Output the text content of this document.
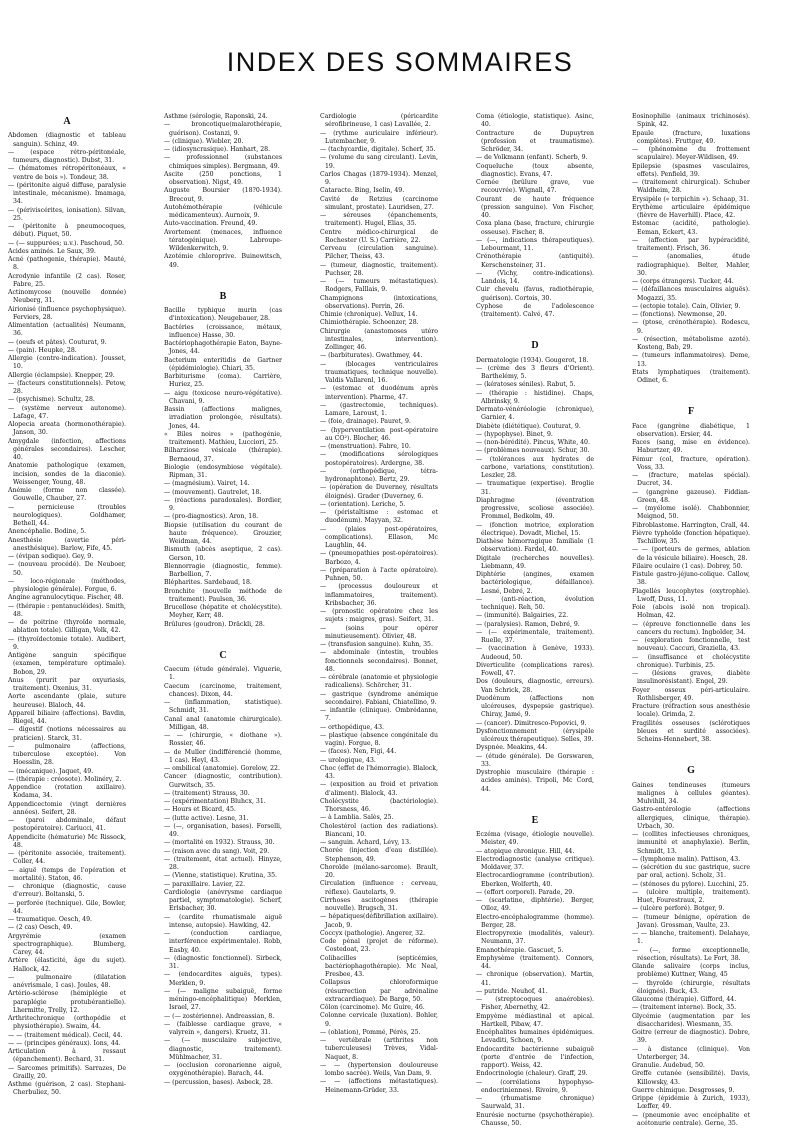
INDEX DES SOMMAIRES
A

Abdomen (diagnostic et tableau sanguin). Schinz, 49.

— (espace rétro-péritonéale, tumeurs, diagnostic). Dubst, 31.

— (hématomes rétropéritonéaux, « ventre de bois »). Tondeur, 38.

— (péritonite aiguë diffuse, paralysie intestinale, mécanisme). Imamaga, 34.

— (périviscérites, ionisation). Silvan, 25.

— (péritonite à pneumocoques, début). Piquet, 50.

— (— suppurées; u.v.). Paschoud, 50.

Acides aminés. Le Saux, 39.

Acné (pathogenie, thérapie). Mauté, 8.

Acrodynie infantile (2 cas). Roser, Fabre, 25.

Actinomycose (nouvelle donnée) Neuberg, 31.

Airionisé (influence psychophysique). Ferviers, 28.

Alimentation (actualités) Neumann, 36.

— (oeufs et pâtes). Couturat, 9.

— (pain). Heupke, 28.

Allergie (contre-indication). Jousset, 10.

Allergie (éclampsie). Knepper, 29.

— (facteurs constitutionnels). Petow, 28.

— (psychisme). Schultz, 28.

— (système nerveux autonome). Lafage, 47.

Alopecia areata (hormonothérapie). Janson, 30.

Amygdale (infection, affections générales secondaires). Lescher, 40.

Anatomie pathologique (examen, incision, sondes de la diaconie). Weissenger, Young, 48.

Anémie (forme non classée). Gouwelle, Chauber, 27.

— pernicieuse (troubles neurologiques). Goldhamer, Bethell, 44.

Anencéphalie. Bodine, 5.

Anesthésie (avertie péri-anesthésique). Barlow, Fife, 45.

— (évipan sodique). Gey, 9.

— (nouveau procédé). De Neuboer, 50.

— loco-régionale (méthodes, physiologie générale). Forgue, 6.

Angine agranulocytique. Fischer, 48.

— (thérapie : pentanucléides). Smith, 48.

— de poitrine (thyroïde normale, ablation totale). Gilligan, Volk, 42.

— (thyroïdectomie totale). Audibert, 9.

Antigène sanguin spécifique (examen, température optimale). Bobon, 29.

Anus (prurit par oxyuriasis, traitement). Oxenius, 31.

Aorte ascendante (plaie, suture heureuse). Blaloch, 44.

Appareil biliaire (affections). Bavdin, Riegel, 44.

— digestif (notions nécessaires au praticien). Starck, 31.

— pulmonaire (affections, tuberculose exceptée). Von Hoesslin, 28.

— (mécanique). Jaquet, 49.

— (thérapie : créosote). Molinéry, 2.

Appendice (rotation axillaire). Kodama, 34.

Appendicectomie (vingt dernières années). Seifert, 28.

— (paroi abdominale, défaut postopératoire). Carlucci, 41.

Appendicite (hématurie) Mc Rissock, 48.

— (péritonite associée, traitement). Coller, 44.

— aiguë (temps de l'opération et mortalité). Staton, 46.

— chronique (diagnostic, cause d'erreur). Boltanski, 5.

— perforée (technique). Gile, Bowler, 44.

— traumatique. Oesch, 49.

— (2 cas) Oesch, 49.

Argyrémie (examen spectrographique). Blumberg, Carey, 44.

Artère (élasticité, âge du sujet). Hallock, 42.

— pulmonaire (dilatation anévrismale, 1 cas). Joules, 48.

Artério-sclérose (hémiplégie et paraplégie protubérantielle). Lhermitte, Trelly, 12.

Arthritechronique (orthopédie et physiothérapie). Swaim, 44.

— — (traitement médical). Cecil, 44.

— — (principes généraux). Ions, 44.

Articulation à ressaut (épanchement). Bechard, 31.

— Sarcomes primitifs). Sarrazes, De Grailly, 20.

Asthme (guérison, 2 cas). Stephani-Cherbuliez, 50.

Asthme (sérologie, Raponski, 24.

— broncotique(malarothérapie, guérison). Costanzi, 9.

— (clinique). Wiebler, 20.

— (idiosyncrasique). Hanhart, 28.

— professionnel (substances chimiques simples). Bergmann, 49.

Ascite (250 ponctions, 1 observation). Nigst, 49.

Auguste Boursier (18?0-1934). Brecout, 9.

Autohémothérapie (véhicule médicamenteux). Aurnoix, 9.

Auto-vaccination. Freund, 49.

Avortement (menaces, influence tératogénique). Labroupe-Wildenkerwitch, 9.

Azotémie chloroprive. Buinewitsch, 49.

B

Bacille typhique murin (cas d'intoxication). Neugebauer, 28.

Bactéries (croissance, métaux, influence) Hasse, 30.

Bactériophagothérapie Eaton, Bayne-Jones, 44.

Bacterium enteritidis de Gartner (épidémiologie). Chiari, 35.

Barbiturisme (coma). Carrière, Huriez, 25.

— aigu (toxicose neuro-végétative). Chavani, 9.

Bassin (affections malignes, irradiation prolongée, résultats). Jones, 44.

« Biles noires » (pathogénie, traitement). Mathieu, Lucciori, 25.

Bilharziose vésicale (thérapie). Bernaoud, 37.

Biologie (endosymbiose végétale). Ripman, 31.

— (magnésium). Vairet, 14.

— (mouvement). Gautrelet, 18.

— (réactions paradoxales). Bordier, 9.

— (pro-diagnostics). Aron, 18.

Biopsie (utilisation du courant de haute fréquence). Grouzier, Weidman, 44.

Bismuth (abcès aseptique, 2 cas). Gerson, 10.

Blennorragie (diagnostic, femme). Barbellion, 7.

Blépharites. Sardebaud, 18.

Bronchite (nouvelle méthode de traitement). Paulsen, 36.

Brucellose (hépatite et cholécystite). Meyher, Kerr, 48.

Brûlures (goudron). Dräckli, 28.

C

Caecum (étude générale). Viguerie, 1.

Caecum (carcinome, traitement, chances). Dixon, 44.

— (inflammation, statistique). Schmidt, 31.

Canal anal (anatomie chirurgicale). Milligan, 48.

— — (chirurgie, « diothane »). Rossier, 46.

— de Muller (indifférencié (homme, 1 cas). Heyl, 43.

— ombilical (anatomie). Gorelow, 22.

Cancer (diagnostic, contribution). Gurwitsch, 35.

— (traitement) Strauss, 30.

— (expérimentation) Bluhcx, 31.

— Hours et Bicard, 45.

— (lutte active). Lesne, 31.

— (—, organisation, bases). Forselli, 49.

— (mortalité en 1932). Strauss, 30.

— (raison avec du sang). Voit, 29.

— (traitement, état actuel). Hinyze, 28.

— (Vienne, statistique). Krutina, 35.

— paraxillaire. Lavier, 22.

Cardiologie (anévrysme cardiaque partiel, symptomatologie). Scherf, Erlsbacher, 30.

— (cardite rhumatismale aiguë intense, autopsie). Hawking, 42.

— (conduction cardiaque, interférence expérimentale). Robb, Easby, 40.

— (diagnostic fonctionnel). Sirbeck, 31.

— (endocardites aiguës, types). Merklen, 9.

— (— maligne subaiguë, forme méningo-encéphalitique) Merklen, Israel, 27.

— (— zostérienne). Andreassian, 8.

— (faiblesse cardiaque grave, « valyrein », dangers). Kruetz, 31.

— (— musculaire subjective, diagnostic, traitement). Mühlmacher, 31.

— (occlusion coronarienne aiguë, oxygénothérapie). Barach, 44.

— (percussion, bases). Asbeck, 28.

Cardiologie (péricardite sérofibrineuse, 1 cas) Lavallée, 2.

— (rythme auriculaire inférieur). Lutembacher, 9.

— (tachycardie, digitale). Scherf, 35.

— (volume du sang circulant). Levin, 19.

Carlos Chagas (1879-1934). Menzel, 9.

Cataracte. Bing, Iselin, 49.

Cavité de Retzius (carcinome simulant, prostate). Lauridsen, 27.

— séreuses (épanchements, traitement). Hugel, Elias, 35.

Centre médico-chirurgical de Rochester (U. S.) Carrière, 22.

Cerveau (circulation sanguine). Pilcher, Theiss, 43.

— (tumeur, diagnostic, traitement). Puchser, 28.

— (— tumeurs métastatiques). Rodgers, Falllais, 9.

Champignons (intoxications, observations). Perrin, 26.

Chimie (chronique). Vellux, 14.

Chimiothérapie. Schoenzer, 28.

Chirurgie (anastomoses utéro intestinales, intervention). Zollinger, 46.

— (barbiturates). Gwathmey, 44.

— (blocages ventriculaires traumatiques, technique nouvelle). Valdis Vallarenl, 16.

— (estomac et duodénum après intervention). Pharme, 47.

— (gastrectomie, techniques). Lamare, Laroust, 1.

— (foie, drainage). Pauret, 9.

— (hyperventilation post-opératoire au CO²). Blocher, 46.

— (menstruation). Fabre, 10.

— (modifications sérologiques postopératoires). Ardergne, 38.

— (orthopédique, tétra-hydronaphtone). Bertz, 29.

— (opération de Duverney, résultats éloignés). Grader (Duverney, 6.

— (orientation). Leriche, 5.

— (péristaltisme : estomac et duodénum). Mayyan, 32.

— (plaies post-opératoires, complications). Ellason, Mc Laughlin, 44.

— (pneumopathies post-opératoires). Barbozo, 4.

— (préparation à l'acte opératoire). Puhnen, 50.

— (processus douloureux et inflammatoires, traitement). Kribsbacher, 36.

— (pronostic opératoire chez les sujets : maigres, gras). Seifert, 31.

— (soins pour opérer minutieusement). Olivier, 48.

— (transfusion sanguine). Kuhn, 35.

— abdominale (intestin, troubles fonctionnels secondaires). Bonnet, 48.

— cérébrale (anatomie et physiologie radicaliens). Schörcher, 31.

— gastrique (syndrome anémique secondaire). Fabiani, Chiatellino, 9.

— infantile (clinique). Ombrédanne, 7.

— orthopédique, 43.

— plastique (absence congénitale du vagin). Forgue, 8.

— (faces). Nen, Figi, 44.

— urologique, 43.

Choc (effet de l'hémorragie). Blalock, 43.

— (exposition au froid et privation d'aliment). Blalock, 43.

Cholécystite (bactériologie). Thorsness, 46.

— à Lamblia. Salès, 25.

Cholestérol (action des radiations). Biancani, 10.

— sanguin. Achard, Lévy, 13.

Chorée (injection d'eau distillée). Stephenson, 49.

Choroïde (mélano-sarcome). Brault, 20.

Circulation (influence : cerveau, réflexe). Gautelarts, 9.

Cirrhoses ascitogènes (thérapie nouvelle). Brugsch, 31.

— hépatiques(défibrillation axillaire). Jacob, 9.

Coccyx (pathologie). Angerer, 32.

Code pénal (projet de réforme). Costedoat, 23.

Colibacilles (septicémies, bactériophagothérapie). Mc Neal, Fresbee, 43.

Collapsus chloroformique (résurrection par adrénaline extracardiaque). De Barge, 50.

Côlon (carcinome). Mc Guire, 46.

Colonne cervicale (luxation). Bohler, 9.

— (oblation), Pommé, Pérès, 25.

— vertébrale (arthrites non tuberculeuses) Trèves, Vidal-Naquet, 8.

— — (hypertension douloureuse lombo sacrée). Weils, Van Dam, 9.

— — (affections métastatiques). Heinemann-Grüder, 33.

Coma (étiologie, statistique). Asinc, 40.

Contracture de Dupuytren (profession et traumatisme). Schröder, 34.

— de Volkmann (enfant). Scherb, 9.

Coqueluche (toux absente, diagnostic). Evans, 47.

Cornée (brûlure grave, vue recouvrée). Wignall, 47.

Courant de haute fréquence (pression sanguine). Von Fischer, 40.

Coxa plana (base, fracture, chirurgie osseuse). Fischer, 8.

— (—, indications thérapeutiques). Lebourmant, 11.

Crénothérapie (antiquité). Kerschensteiner, 31.

— (Vichy, contre-indications). Landois, 14.

Cuir chevelu (favus, radiothérapie, guérison). Cortois, 30.

Cyphose de l'adolescence (traitement). Calvé, 47.

D

Dermatologie (1934). Gougerot, 18.

— (crème des 3 fleurs d'Orient). Barthelémy, 5.

— (kératoses séniles). Rabut, 5.

— (thérapie : histidine). Chaps, Albrinsky, 9.

Dermato-vénéréologie (chronique), Garnier, 4.

Diabète (diététique). Couturat, 9.

— (hypophyse). Binet, 9.

— (non-bérédité). Pincus, White, 40.

— (problèmes nouveaux). Schur, 30.

— (tolérances aux hydrates de carbone, variations, constitution). Leszler, 28.

— traumatique (expertise). Broglie 31.

Diaphragme (éventration progressive, scoliose associée). Frommel, Bedkolm, 49.

— (fonction motrice, exploration électrique). Dovadt, Michel, 15.

Diathèse hémorragique familiale (1 observation). Fardel, 40.

Digitale (recherches nouvelles). Liebmann, 49.

Diphtérie (angines, examen bactériologique, défaillance). Lesné, Debré, 2.

— (anti-réaction, évolution technique). Reh, 50.

— (immunité). Balgairies, 22.

— (paralysies). Ramon, Debré, 9.

— (— expérimentale, traitement). Ruelle, 37.

— (vaccination à Genève, 1933). Audeoud, 50.

Diverticulite (complications rares). Fowell, 47.

Dos (douleurs, diagnostic, erreurs). Van Schrick, 28.

Duodénum (affections non ulcéreuses, dyspepsie gastrique). Chiray, Jamé, 9.

— (cancer). Dimitresco-Popovici, 9.

Dysfonctionnement (érysipèle ulcéreux thérapeutique). Selles, 39.

Dyspnée. Meakins, 44.

— (étude générale). De Gorswaren, 33.

Dystrophie musculaire (thérapie : acides aminés). Tripoli, Mc Cord, 44.

E

Eczéma (visage, étiologie nouvelle). Meister, 49.

— atopique chronique. Hill, 44.

Electrodiagnostic (analyse critique). Moldaver, 37.

Electrocardiogramme (contribution). Eberken, Wolferth, 40.

— (effort corporel). Parade, 29.

— (scarlatine, diphtérie). Berger, Olloz, 49.

Electro-encéphalogramme (homme). Berger, 28.

Electropyrexie (modalités, valeur). Neumann, 37.

Emanothérapie. Gascuet, 5.

Emphysème (traitement). Connors, 44.

— chronique (observation). Martin, 41.

— putride. Neuhof, 41.

— (streptocoques anaérobies). Fisher, Abernethy, 42.

Empyème médiastinal et apical. Hartkell, Pibaw, 47.

Encéphalites humaines épidémiques. Levaditi, Schoen, 9.

Endocardite bactérienne subaiguë (porte d'entrée de l'infection, rapport). Weiss, 42.

Endocrinologie (chaleur). Graff, 29.

— (corrélations hypophyso-endocriniennes). Rivoire, 9.

— (rhumatisme chronique) Saurwald, 31.

Enurésie nocturne (psychothérapie). Chausse, 50.

Eosinophilie (animaux trichinosés). Spink, 42.

Epaule (fracture, luxations complètes). Fruttger, 49.

— (phénomène du frottement scapulaire). Meyer-Wildisen, 49.

Epilepsie (spasmes vasculaires, effets). Penfield, 39.

— (traitement chirurgical). Schuber Waldheim, 28.

Erysipèle (« terpichin »). Schaap, 31.

Erythème articulaire épidémique (fièvre de Haverhill). Place, 42.

Estomac (acidité, pathologie). Eeman, Eckert, 43.

— (affection par hypéracidité, traitement). Frisch, 36.

— (anomalies, étude radiographique). Belter, Mahler, 30.

— (corps étrangers). Tucker, 44.

— (défaillances musculaires aiguës). Mogazzi, 35.

— (ectopie totale). Cain, Olivier, 9.

— (fonctions). Newmonse, 20.

— (ptose, crénothérapie). Rodescu, 9.

— (résection, métabolisme azoté). Kosteng, Bab, 29.

— (tumeurs inflammatoires). Deme, 13.

Etats lymphatiques (traitement). Odinet, 6.

F

Face (gangrène diabétique, 1 observation). Ersier, 44.

Faces (sang, mise en évidence). Haburtzer, 49.

Fémur (col, fracture, opération). Voss, 33.

— (fracture, matelas spécial). Ducret, 34.

— (gangrène gazeuse). Fiddian-Green, 48.

— (myélome isolé). Chabbonnier, Meignod, 50.

Fibroblastome. Harrington, Crall, 44.

Fièvre typhoïde (fonction hépatique). Tschillow, 35.

— — (porteurs de germes, ablation de la vésicule biliaire). Hoesch, 28.

Filaire oculaire (1 cas). Dobrey, 50.

Fistule gastro-jéjuno-colique. Callow, 38.

Flagellés leucophytes (oxytrophie). Lwoff, Duss, 11.

Foie (abcès isolé non tropical). Holman, 42.

— (épreuve fonctionnelle dans les cancers du rectum). Ingbolder, 34.

— (exploration fonctionnelle, test nouveau). Caccuri, Graziella, 43.

— (insuffisance et cholécystite chronique). Turbinis, 25.

— (lésions graves, diabète insulinorésistant). Engel, 29.

Foyer osseux péri-articulaire. Rothlisberger, 49.

Fracture (réfraction sous anesthésie locale). Grimda, 2.

Fragilités osseuses (sclérotiques bleues et surdité associées). Scheins-Hennebert, 38.

G

Gaines tendineuses (tumeurs malignes à cellules géantes). Mulvihill, 34.

Gastro-entérologie (affections allergiques, clinique, thérapie). Urbach, 30.

— (collites infectieuses chroniques, immunité et anaphylaxie). Berlin, Schmidt, 13.

— (lymphome malin). Pattison, 43.

— (sécrétion du suc gastrique, sucre par oral, action). Scholz, 31.

— (sténoses du pylore). Lucchini, 25.

— (ulcère multiple, traitement). Huet, Fourestraux, 2.

— (ulcère perforé). Botger, 9.

— (tumeur bénigne, opération de Javan). Grossman, Vaulte, 23.

— — blanche, traitement). Delahaye, 1.

— (—, forme exceptionnelle, résection, résultats). Le Fort, 38.

Glande salivaire (corps inclus, problème) Kuttner, Wang, 45

— thyroïde (chirurgie, résultats éloignés). Buck, 43.

Glaucome (thérapie). Gifford, 44.

— (traitement interne). Bock, 35.

Glycémie (augmentation par les disaccharides). Wiesmann, 35.

Goitre (erreur de diagnostic). Dobre, 39.

— à distance (clinique). Von Unterberger, 34.

Granulie. Audebud, 50.

Greffe cutanée (sensibilité). Davis, Killowsky, 43.

Guerre chimique. Desgrosses, 9.

Grippe (épidémie à Zurich, 1933), Lœffer, 49.

— (pneumonie avec encéphalite et acétonurie centrale). Gerne, 35.
